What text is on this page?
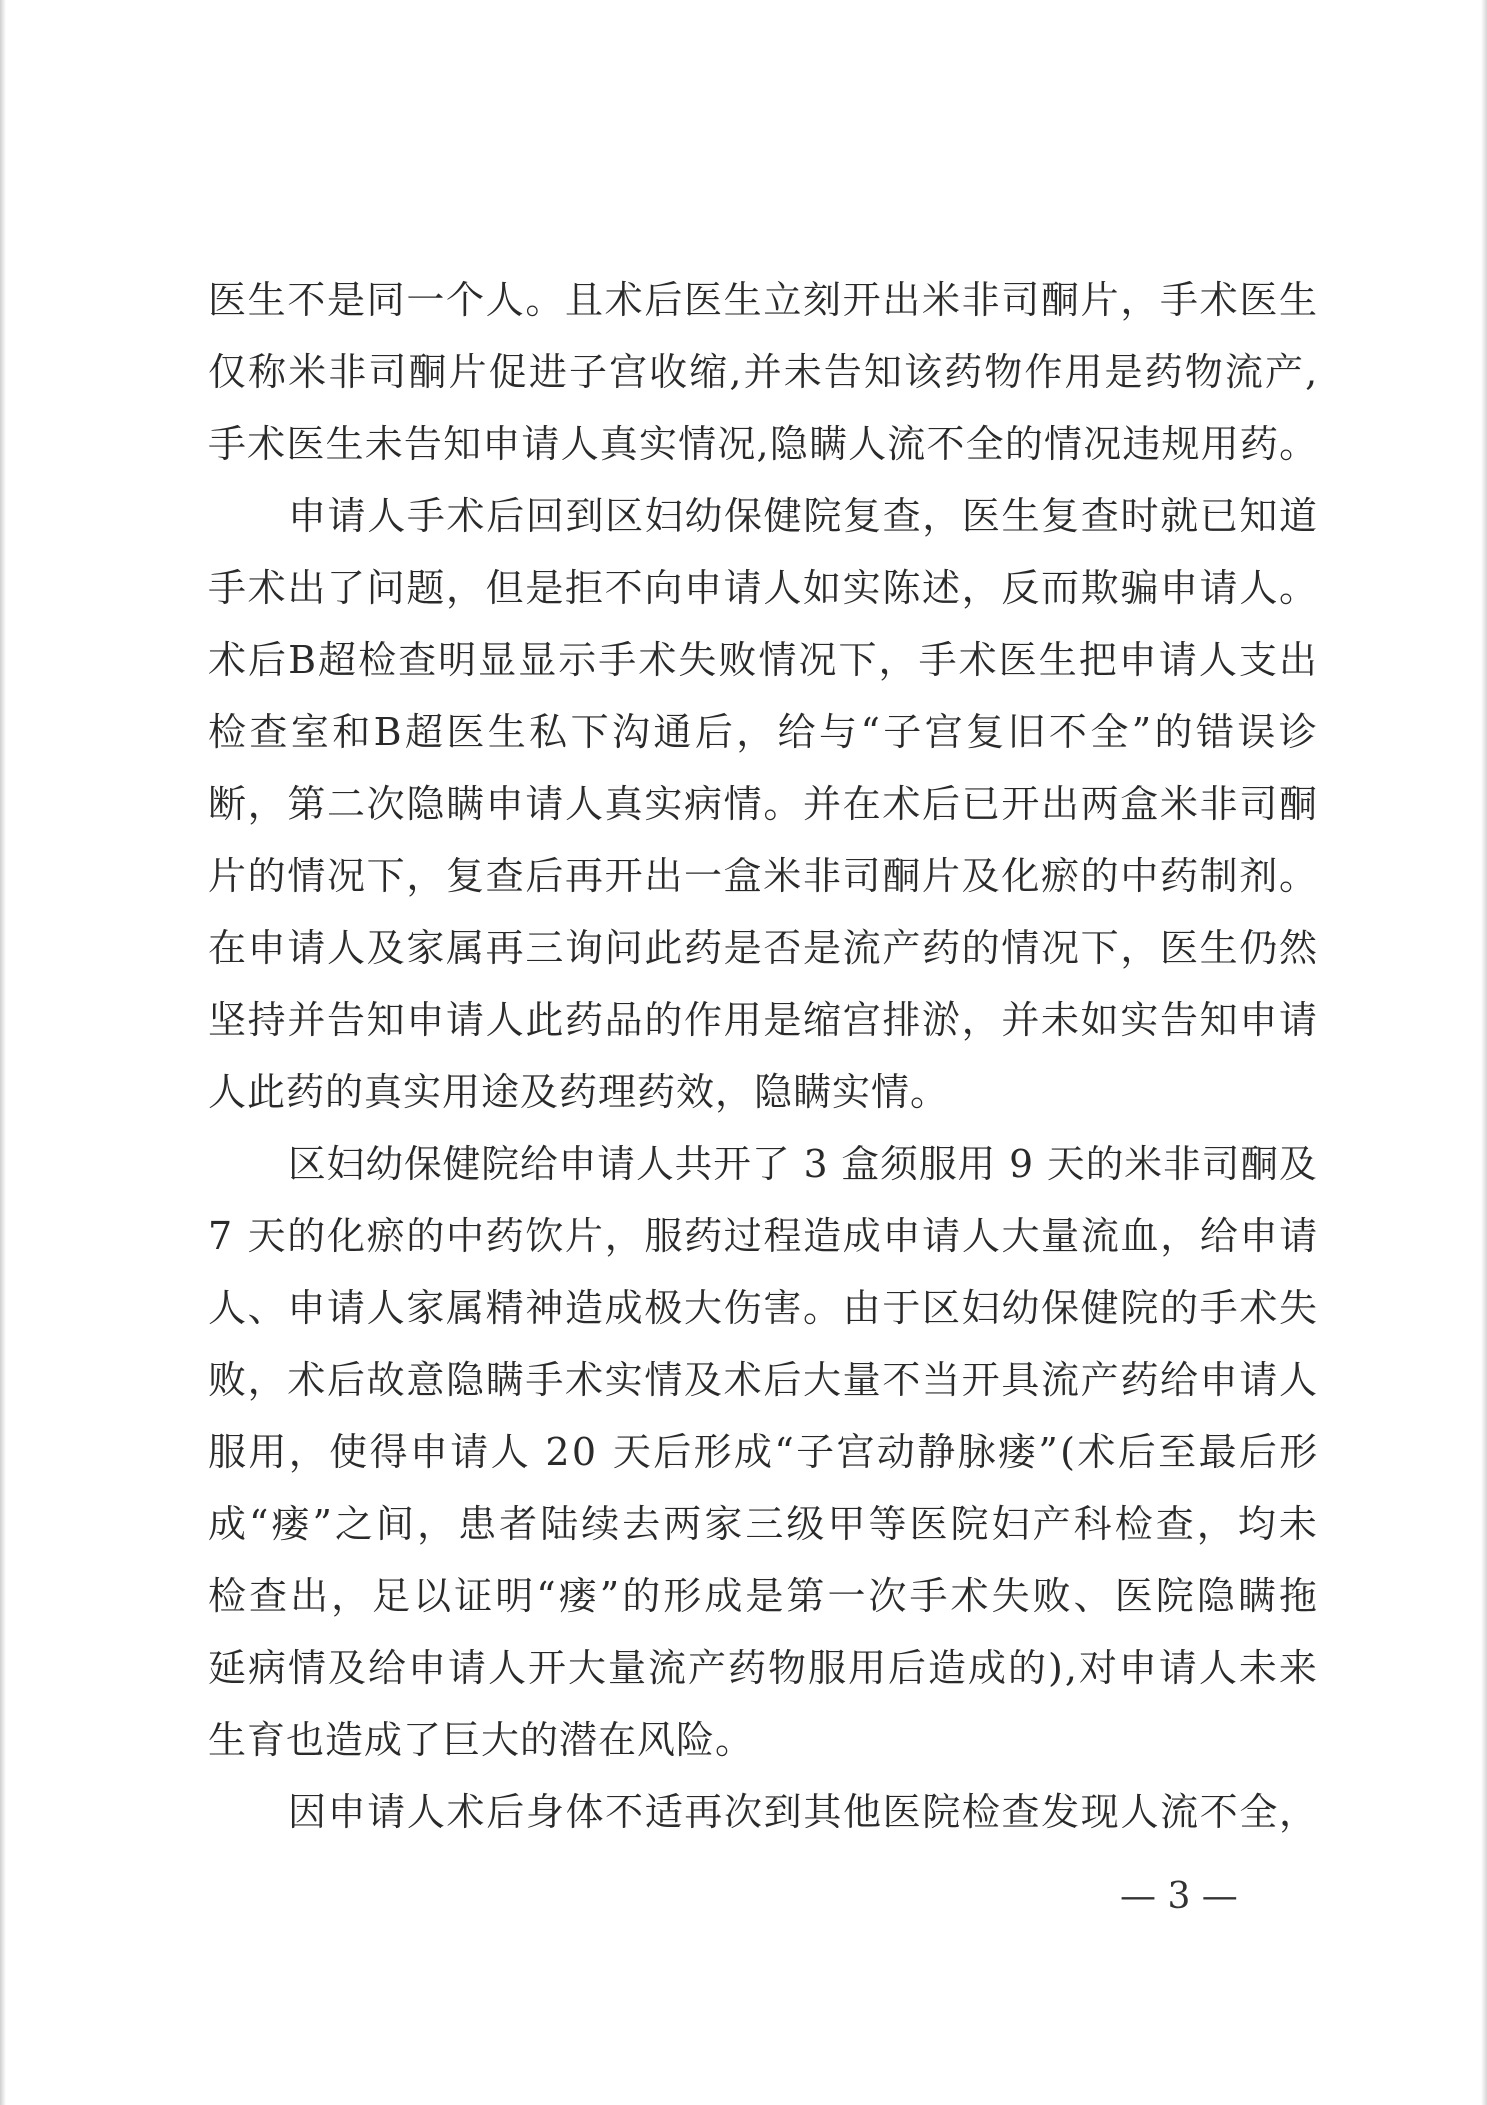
医生不是同一个人。且术后医生立刻开出米非司酮片，手术医生
仅称米非司酮片促进子宫收缩,并未告知该药物作用是药物流产,
手术医生未告知申请人真实情况,隐瞒人流不全的情况违规用药。
申请人手术后回到区妇幼保健院复查，医生复查时就已知道
手术出了问题，但是拒不向申请人如实陈述，反而欺骗申请人。
术后B超检查明显显示手术失败情况下，手术医生把申请人支出
检查室和B超医生私下沟通后，给与“子宫复旧不全”的错误诊
断，第二次隐瞒申请人真实病情。并在术后已开出两盒米非司酮
片的情况下，复查后再开出一盒米非司酮片及化瘀的中药制剂。
在申请人及家属再三询问此药是否是流产药的情况下，医生仍然
坚持并告知申请人此药品的作用是缩宫排淤，并未如实告知申请
人此药的真实用途及药理药效，隐瞒实情。
区妇幼保健院给申请人共开了 3 盒须服用 9 天的米非司酮及
7 天的化瘀的中药饮片，服药过程造成申请人大量流血，给申请
人、申请人家属精神造成极大伤害。由于区妇幼保健院的手术失
败，术后故意隐瞒手术实情及术后大量不当开具流产药给申请人
服用，使得申请人 20 天后形成“子宫动静脉瘘”(术后至最后形
成“瘘”之间，患者陆续去两家三级甲等医院妇产科检查，均未
检查出，足以证明“瘘”的形成是第一次手术失败、医院隐瞒拖
延病情及给申请人开大量流产药物服用后造成的),对申请人未来
生育也造成了巨大的潜在风险。
因申请人术后身体不适再次到其他医院检查发现人流不全，
— 3 —
